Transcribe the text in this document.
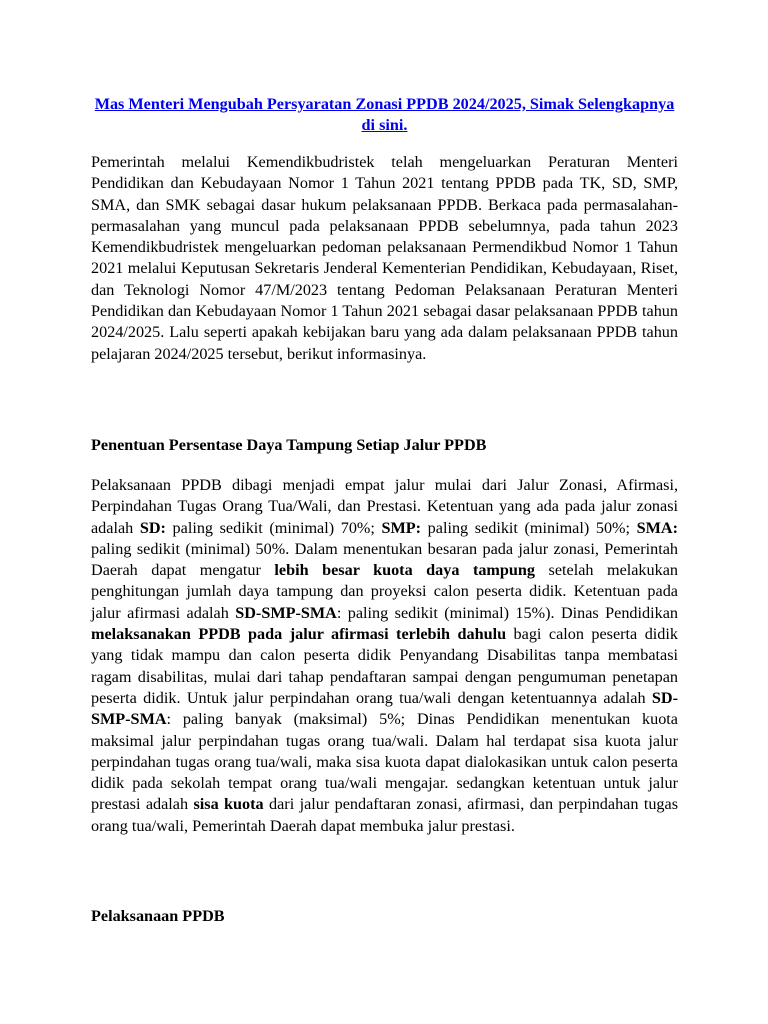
Mas Menteri Mengubah Persyaratan Zonasi PPDB 2024/2025, Simak Selengkapnya di sini.

Pemerintah melalui Kemendikbudristek telah mengeluarkan Peraturan Menteri Pendidikan dan Kebudayaan Nomor 1 Tahun 2021 tentang PPDB pada TK, SD, SMP, SMA, dan SMK sebagai dasar hukum pelaksanaan PPDB. Berkaca pada permasalahan-permasalahan yang muncul pada pelaksanaan PPDB sebelumnya, pada tahun 2023 Kemendikbudristek mengeluarkan pedoman pelaksanaan Permendikbud Nomor 1 Tahun 2021 melalui Keputusan Sekretaris Jenderal Kementerian Pendidikan, Kebudayaan, Riset, dan Teknologi Nomor 47/M/2023 tentang Pedoman Pelaksanaan Peraturan Menteri Pendidikan dan Kebudayaan Nomor 1 Tahun 2021 sebagai dasar pelaksanaan PPDB tahun 2024/2025. Lalu seperti apakah kebijakan baru yang ada dalam pelaksanaan PPDB tahun pelajaran 2024/2025 tersebut, berikut informasinya.

Penentuan Persentase Daya Tampung Setiap Jalur PPDB

Pelaksanaan PPDB dibagi menjadi empat jalur mulai dari Jalur Zonasi, Afirmasi, Perpindahan Tugas Orang Tua/Wali, dan Prestasi. Ketentuan yang ada pada jalur zonasi adalah SD: paling sedikit (minimal) 70%; SMP: paling sedikit (minimal) 50%; SMA: paling sedikit (minimal) 50%. Dalam menentukan besaran pada jalur zonasi, Pemerintah Daerah dapat mengatur lebih besar kuota daya tampung setelah melakukan penghitungan jumlah daya tampung dan proyeksi calon peserta didik. Ketentuan pada jalur afirmasi adalah SD-SMP-SMA: paling sedikit (minimal) 15%). Dinas Pendidikan melaksanakan PPDB pada jalur afirmasi terlebih dahulu bagi calon peserta didik yang tidak mampu dan calon peserta didik Penyandang Disabilitas tanpa membatasi ragam disabilitas, mulai dari tahap pendaftaran sampai dengan pengumuman penetapan peserta didik. Untuk jalur perpindahan orang tua/wali dengan ketentuannya adalah SD-SMP-SMA: paling banyak (maksimal) 5%; Dinas Pendidikan menentukan kuota maksimal jalur perpindahan tugas orang tua/wali. Dalam hal terdapat sisa kuota jalur perpindahan tugas orang tua/wali, maka sisa kuota dapat dialokasikan untuk calon peserta didik pada sekolah tempat orang tua/wali mengajar. sedangkan ketentuan untuk jalur prestasi adalah sisa kuota dari jalur pendaftaran zonasi, afirmasi, dan perpindahan tugas orang tua/wali, Pemerintah Daerah dapat membuka jalur prestasi.

Pelaksanaan PPDB
